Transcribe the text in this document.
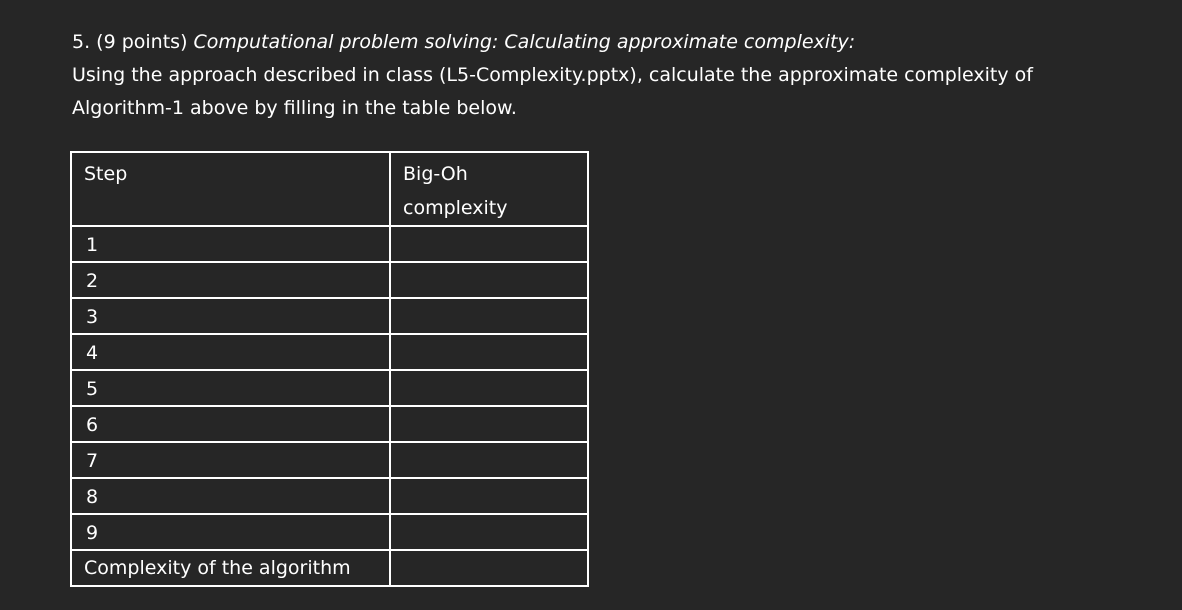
5. (9 points) Computational problem solving: Calculating approximate complexity:

Using the approach described in class (L5-Complexity.pptx), calculate the approximate complexity of

Algorithm-1 above by filling in the table below.

Step	Big-Oh
complexity

1	
2	
3	
4	
5	
6	
7	
8	
9	
Complexity of the algorithm	
